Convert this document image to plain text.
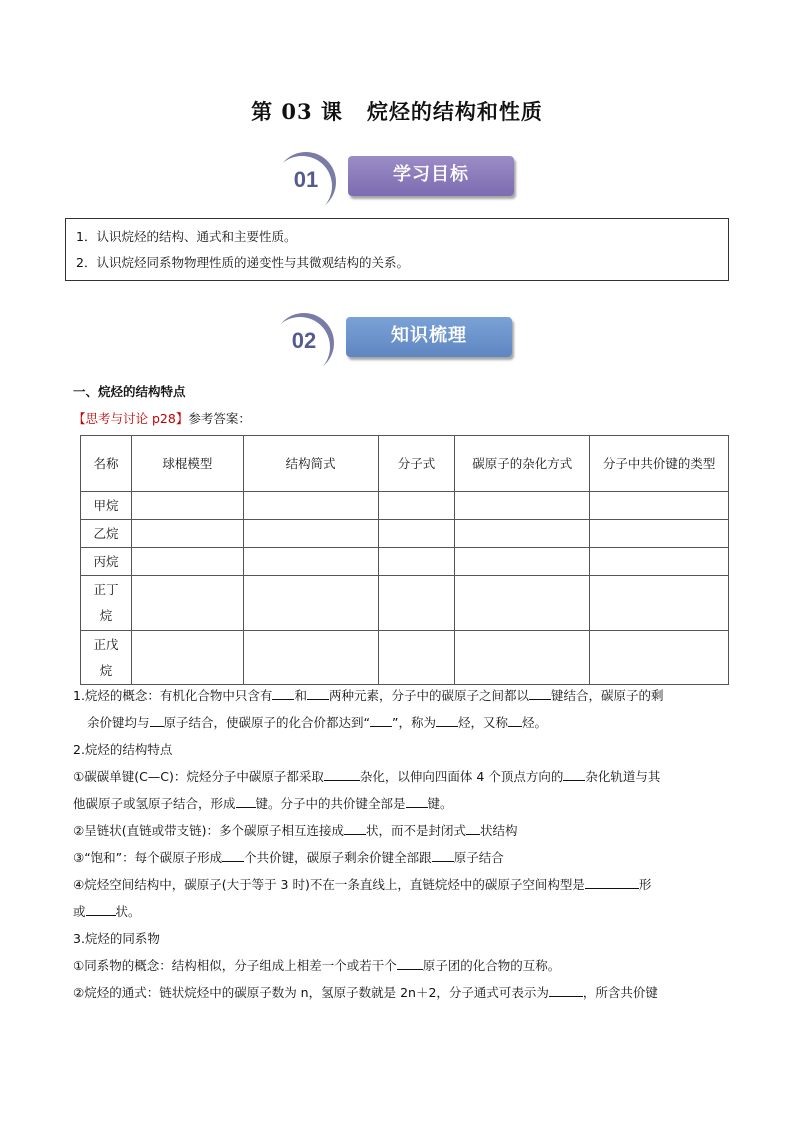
第 03 课 烷烃的结构和性质
01	学习目标
1．认识烷烃的结构、通式和主要性质。
2．认识烷烃同系物物理性质的递变性与其微观结构的关系。
02	知识梳理
一、烷烃的结构特点
【思考与讨论 p28】参考答案：
名称	球棍模型	结构简式	分子式	碳原子的杂化方式	分子中共价键的类型
甲烷					
乙烷					
丙烷					
正丁烷					
正戊烷					

1.烷烃的概念：有机化合物中只含有 和 两种元素，分子中的碳原子之间都以 键结合，碳原子的剩

余价键均与 原子结合，使碳原子的化合价都达到“ ”，称为 烃，又称 烃。

2.烷烃的结构特点

①碳碳单键(C—C)：烷烃分子中碳原子都采取	杂化，以伸向四面体 4 个顶点方向的 杂化轨道与其

他碳原子或氢原子结合，形成 键。分子中的共价键全部是 键。

②呈链状(直链或带支链)：多个碳原子相互连接成 状，而不是封闭式 状结构

③“饱和”：每个碳原子形成 个共价键，碳原子剩余价键全部跟 原子结合

④烷烃空间结构中，碳原子(大于等于 3 时)不在一条直线上，直链烷烃中的碳原子空间构型是	形

或 状。

3.烷烃的同系物

①同系物的概念：结构相似，分子组成上相差一个或若干个 原子团的化合物的互称。

②烷烃的通式：链状烷烃中的碳原子数为 n，氢原子数就是 2n＋2，分子通式可表示为	，所含共价键
